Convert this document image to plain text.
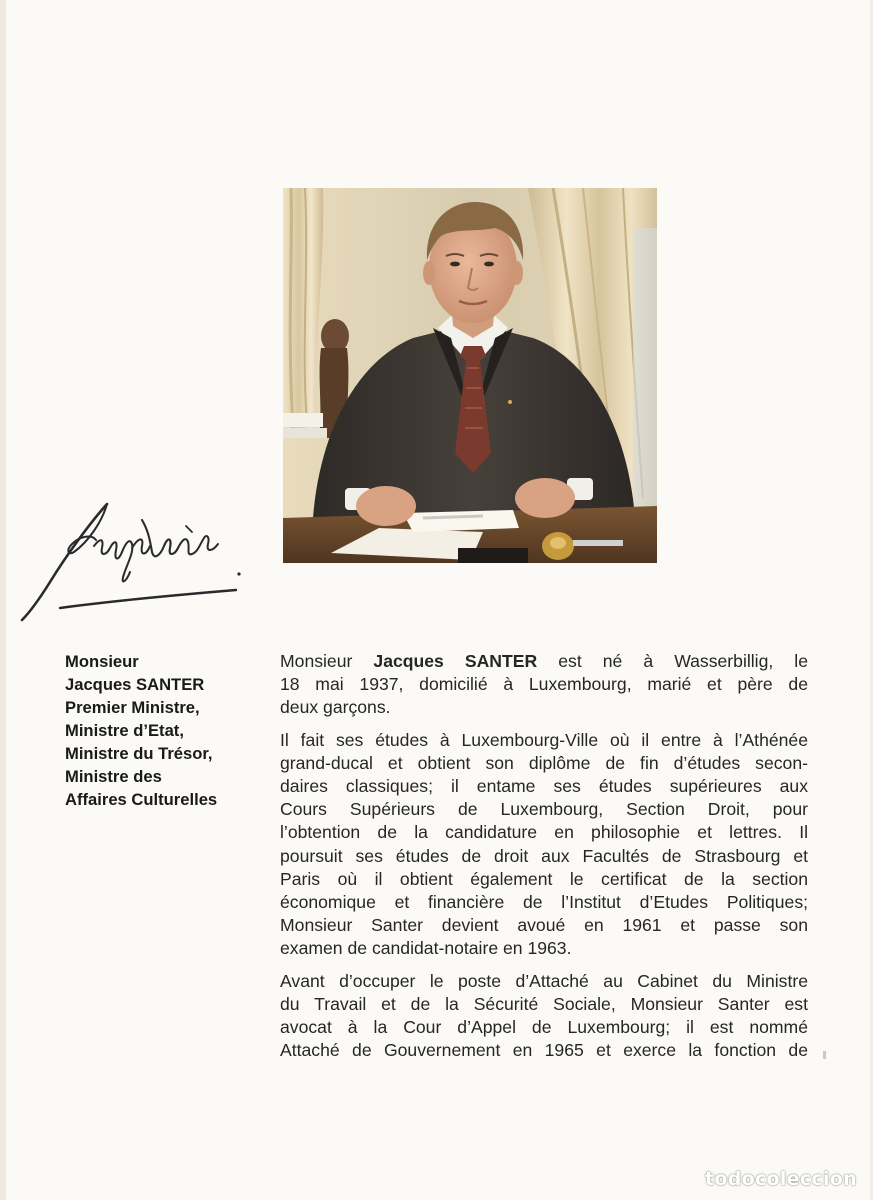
Monsieur
Jacques SANTER
Premier Ministre,
Ministre d’Etat,
Ministre du Trésor,
Ministre des
Affaires Culturelles

Monsieur Jacques SANTER est né à Wasserbillig, le
18 mai 1937, domicilié à Luxembourg, marié et père de
deux garçons.

Il fait ses études à Luxembourg-Ville où il entre à l’Athénée
grand-ducal et obtient son diplôme de fin d’études secon-
daires classiques; il entame ses études supérieures aux
Cours Supérieurs de Luxembourg, Section Droit, pour
l’obtention de la candidature en philosophie et lettres. Il
poursuit ses études de droit aux Facultés de Strasbourg et
Paris où il obtient également le certificat de la section
économique et financière de l’Institut d’Etudes Politiques;
Monsieur Santer devient avoué en 1961 et passe son
examen de candidat-notaire en 1963.

Avant d’occuper le poste d’Attaché au Cabinet du Ministre
du Travail et de la Sécurité Sociale, Monsieur Santer est
avocat à la Cour d’Appel de Luxembourg; il est nommé
Attaché de Gouvernement en 1965 et exerce la fonction de

todocoleccion
